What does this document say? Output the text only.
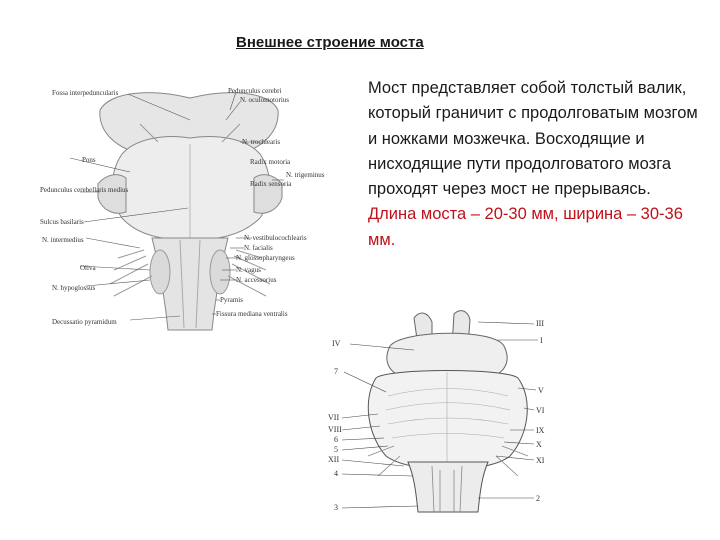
Внешнее строение моста
Мост представляет собой толстый валик, который граничит с продолговатым мозгом и ножками мозжечка. Восходящие и нисходящие пути продолговатого мозга проходят через мост не прерываясь. Длина моста – 20-30 мм, ширина – 30-36 мм.
Fossa interpeduncularis
Pons
Pedunculus cerebellaris medius
Sulcus basilaris
N. intermedius
Oliva
N. hypoglossus
Decussatio pyramidum
Pedunculus cerebri
N. oculomotorius
N. trochlearis
Radix motoria
Radix sensoria
N. trigeminus
N. vestibulocochlearis
N. facialis
N. glossopharyngeus
N. vagus
N. accessorius
Pyramis
Fissura mediana ventralis
IV
7
VII
VIII
6
5
XII
4
3
III
I
V
VI
IX
X
XI
2
